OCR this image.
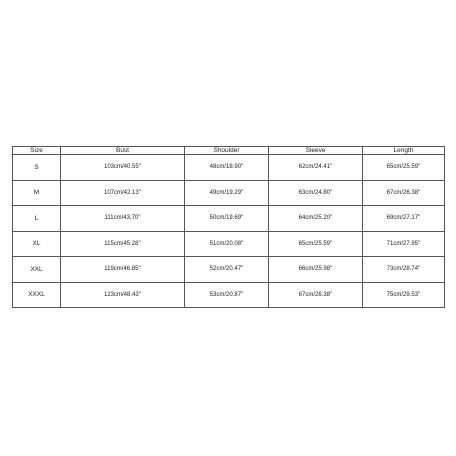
Size	Bust	Shoulder	Sleeve	Length
S	103cm/40.55''	48cm/18.90''	62cm/24.41''	65cm/25.59''
M	107cm/42.13''	49cm/19.29''	63cm/24.80''	67cm/26.38''
L	111cm/43.70''	50cm/19.69''	64cm/25.20''	69cm/27.17''
XL	115cm/45.28''	51cm/20.08''	65cm/25.59''	71cm/27.95''
XXL	119cm/46.85''	52cm/20.47''	66cm/25.98''	73cm/28.74''
XXXL	123cm/48.43''	53cm/20.87''	67cm/26.38''	75cm/29.53''
